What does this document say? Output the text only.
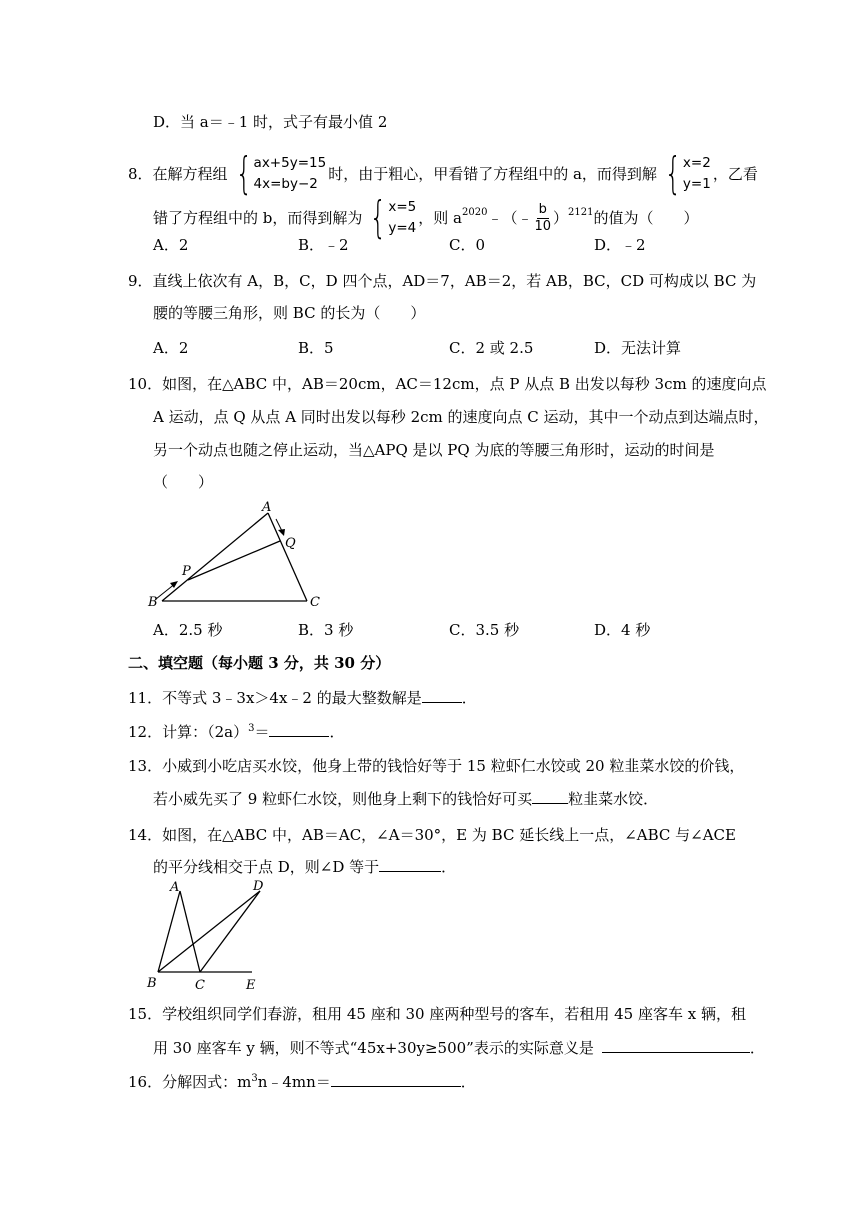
D．当 a＝﹣1 时，式子有最小值 2
8．在解方程组 { ax+5y=15
4x=by−2
时，由于粗心，甲看错了方程组中的 a，而得到解 { x=2
y=1
，乙看
错了方程组中的 b，而得到解为 { x=5
y=4
，则 a 2020 ﹣（﹣ $\frac{b}{10}$ ） 2121 的值为（　　）
A．2	B．﹣2	C．0	D．﹣2
9．直线上依次有 A，B，C，D 四个点，AD＝7，AB＝2，若 AB，BC，CD 可构成以 BC 为
腰的等腰三角形，则 BC 的长为（　　）
A．2	B．5	C．2 或 2.5	D．无法计算
10．如图，在△ABC 中，AB＝20cm，AC＝12cm，点 P 从点 B 出发以每秒 3cm 的速度向点
A 运动，点 Q 从点 A 同时出发以每秒 2cm 的速度向点 C 运动，其中一个动点到达端点时，
另一个动点也随之停止运动，当△APQ 是以 PQ 为底的等腰三角形时，运动的时间是
（　　）
A
B	C
P
Q
A．2.5 秒	B．3 秒	C．3.5 秒	D．4 秒
二、填空题（每小题 3 分，共 30 分）
11．不等式 3﹣3x＞4x﹣2 的最大整数解是	．
12．计算：$(2a)^3=$	．
13．小威到小吃店买水饺，他身上带的钱恰好等于 15 粒虾仁水饺或 20 粒韭菜水饺的价钱，
若小威先买了 9 粒虾仁水饺，则他身上剩下的钱恰好可买 粒韭菜水饺．
14．如图，在△ABC 中，AB＝AC，∠A＝30°，E 为 BC 延长线上一点，∠ABC 与∠ACE
的平分线相交于点 D，则∠D 等于	．
A
B	C
D
E
15．学校组织同学们春游，租用 45 座和 30 座两种型号的客车，若租用 45 座客车 x 辆，租
用 30 座客车 y 辆，则不等式“45x+30y≥500”表示的实际意义是	．
16．分解因式：$m^3n﹣4mn=$	．
